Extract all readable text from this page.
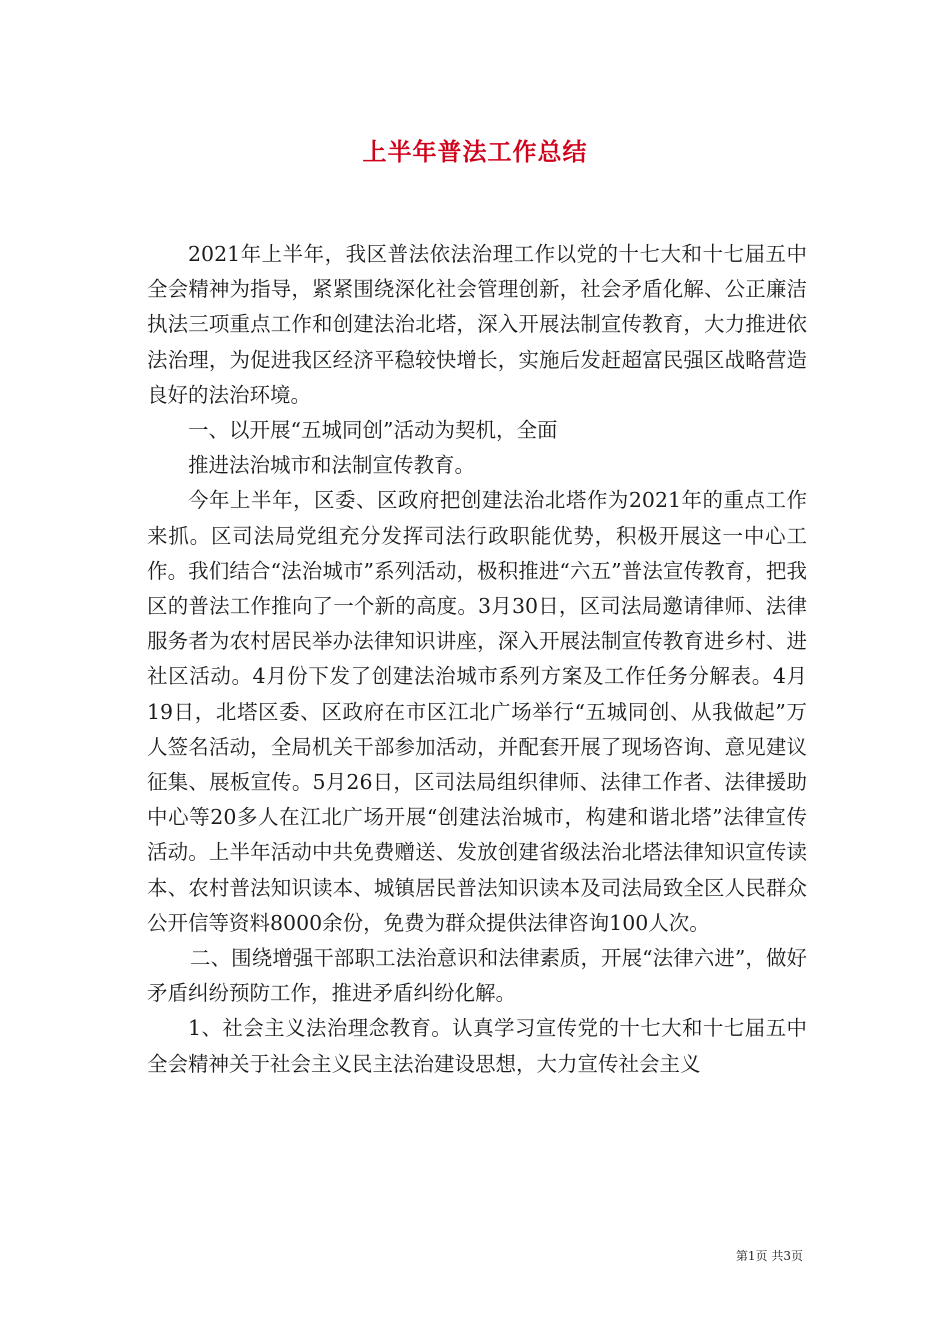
上半年普法工作总结

2021年上半年，我区普法依法治理工作以党的十七大和十七届五中全会精神为指导，紧紧围绕深化社会管理创新，社会矛盾化解、公正廉洁执法三项重点工作和创建法治北塔，深入开展法制宣传教育，大力推进依法治理，为促进我区经济平稳较快增长，实施后发赶超富民强区战略营造良好的法治环境。

一、以开展“五城同创”活动为契机，全面

推进法治城市和法制宣传教育。

今年上半年，区委、区政府把创建法治北塔作为2021年的重点工作来抓。区司法局党组充分发挥司法行政职能优势，积极开展这一中心工作。我们结合“法治城市”系列活动，极积推进“六五”普法宣传教育，把我区的普法工作推向了一个新的高度。3月30日，区司法局邀请律师、法律服务者为农村居民举办法律知识讲座，深入开展法制宣传教育进乡村、进社区活动。4月份下发了创建法治城市系列方案及工作任务分解表。4月19日，北塔区委、区政府在市区江北广场举行“五城同创、从我做起”万人签名活动，全局机关干部参加活动，并配套开展了现场咨询、意见建议征集、展板宣传。5月26日，区司法局组织律师、法律工作者、法律援助中心等20多人在江北广场开展“创建法治城市，构建和谐北塔”法律宣传活动。上半年活动中共免费赠送、发放创建省级法治北塔法律知识宣传读本、农村普法知识读本、城镇居民普法知识读本及司法局致全区人民群众公开信等资料8000余份，免费为群众提供法律咨询100人次。

二、围绕增强干部职工法治意识和法律素质，开展“法律六进”，做好矛盾纠纷预防工作，推进矛盾纠纷化解。

1、社会主义法治理念教育。认真学习宣传党的十七大和十七届五中全会精神关于社会主义民主法治建设思想，大力宣传社会主义

第1页 共3页
